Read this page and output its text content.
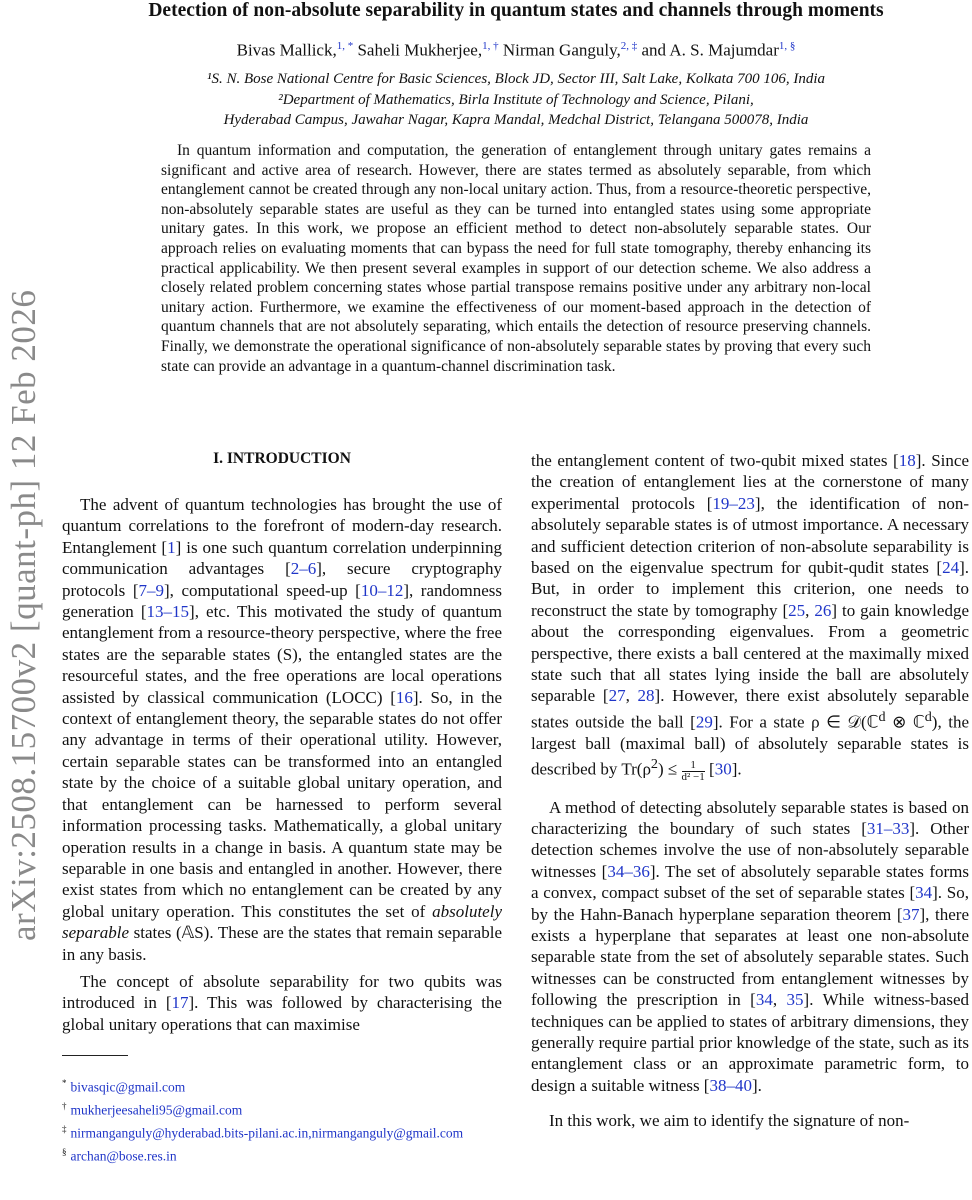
arXiv:2508.15700v2 [quant-ph] 12 Feb 2026
Detection of non-absolute separability in quantum states and channels through moments
Bivas Mallick,$^{1, *}$ Saheli Mukherjee,$^{1, \dagger}$ Nirman Ganguly,$^{2, \ddagger}$ and A. S. Majumdar$^{1, \S}$
¹S. N. Bose National Centre for Basic Sciences, Block JD, Sector III, Salt Lake, Kolkata 700 106, India
²Department of Mathematics, Birla Institute of Technology and Science, Pilani,
Hyderabad Campus, Jawahar Nagar, Kapra Mandal, Medchal District, Telangana 500078, India
In quantum information and computation, the generation of entanglement through unitary gates remains a significant and active area of research. However, there are states termed as absolutely separable, from which entanglement cannot be created through any non-local unitary action. Thus, from a resource-theoretic perspective, non-absolutely separable states are useful as they can be turned into entangled states using some appropriate unitary gates. In this work, we propose an efficient method to detect non-absolutely separable states. Our approach relies on evaluating moments that can bypass the need for full state tomography, thereby enhancing its practical applicability. We then present several examples in support of our detection scheme. We also address a closely related problem concerning states whose partial transpose remains positive under any arbitrary non-local unitary action. Furthermore, we examine the effectiveness of our moment-based approach in the detection of quantum channels that are not absolutely separating, which entails the detection of resource preserving channels. Finally, we demonstrate the operational significance of non-absolutely separable states by proving that every such state can provide an advantage in a quantum-channel discrimination task.
I. INTRODUCTION

The advent of quantum technologies has brought the use of quantum correlations to the forefront of modern-day research. Entanglement [1] is one such quantum correlation underpinning communication advantages [2–6], secure cryptography protocols [7–9], computational speed-up [10–12], randomness generation [13–15], etc. This motivated the study of quantum entanglement from a resource-theory perspective, where the free states are the separable states (S), the entangled states are the resourceful states, and the free operations are local operations assisted by classical communication (LOCC) [16]. So, in the context of entanglement theory, the separable states do not offer any advantage in terms of their operational utility. However, certain separable states can be transformed into an entangled state by the choice of a suitable global unitary operation, and that entanglement can be harnessed to perform several information processing tasks. Mathematically, a global unitary operation results in a change in basis. A quantum state may be separable in one basis and entangled in another. However, there exist states from which no entanglement can be created by any global unitary operation. This constitutes the set of absolutely separable states (𝔸S). These are the states that remain separable in any basis.

The concept of absolute separability for two qubits was introduced in [17]. This was followed by characterising the global unitary operations that can maximise

* bivasqic@gmail.com
† mukherjeesaheli95@gmail.com
‡ nirmanganguly@hyderabad.bits-pilani.ac.in,nirmanganguly@gmail.com
§ archan@bose.res.in

the entanglement content of two-qubit mixed states [18]. Since the creation of entanglement lies at the cornerstone of many experimental protocols [19–23], the identification of non-absolutely separable states is of utmost importance. A necessary and sufficient detection criterion of non-absolute separability is based on the eigenvalue spectrum for qubit-qudit states [24]. But, in order to implement this criterion, one needs to reconstruct the state by tomography [25, 26] to gain knowledge about the corresponding eigenvalues. From a geometric perspective, there exists a ball centered at the maximally mixed state such that all states lying inside the ball are absolutely separable [27, 28]. However, there exist absolutely separable states outside the ball [29]. For a state ρ ∈ 𝒟(ℂ$^d$ ⊗ ℂ$^d$), the largest ball (maximal ball) of absolutely separable states is described by $Tr(\rho^2) \le \frac{1}{\text{d² −1}} [30]$.

A method of detecting absolutely separable states is based on characterizing the boundary of such states [31–33]. Other detection schemes involve the use of non-absolutely separable witnesses [34–36]. The set of absolutely separable states forms a convex, compact subset of the set of separable states [34]. So, by the Hahn-Banach hyperplane separation theorem [37], there exists a hyperplane that separates at least one non-absolute separable state from the set of absolutely separable states. Such witnesses can be constructed from entanglement witnesses by following the prescription in [34, 35]. While witness-based techniques can be applied to states of arbitrary dimensions, they generally require partial prior knowledge of the state, such as its entanglement class or an approximate parametric form, to design a suitable witness [38–40].

In this work, we aim to identify the signature of non-
